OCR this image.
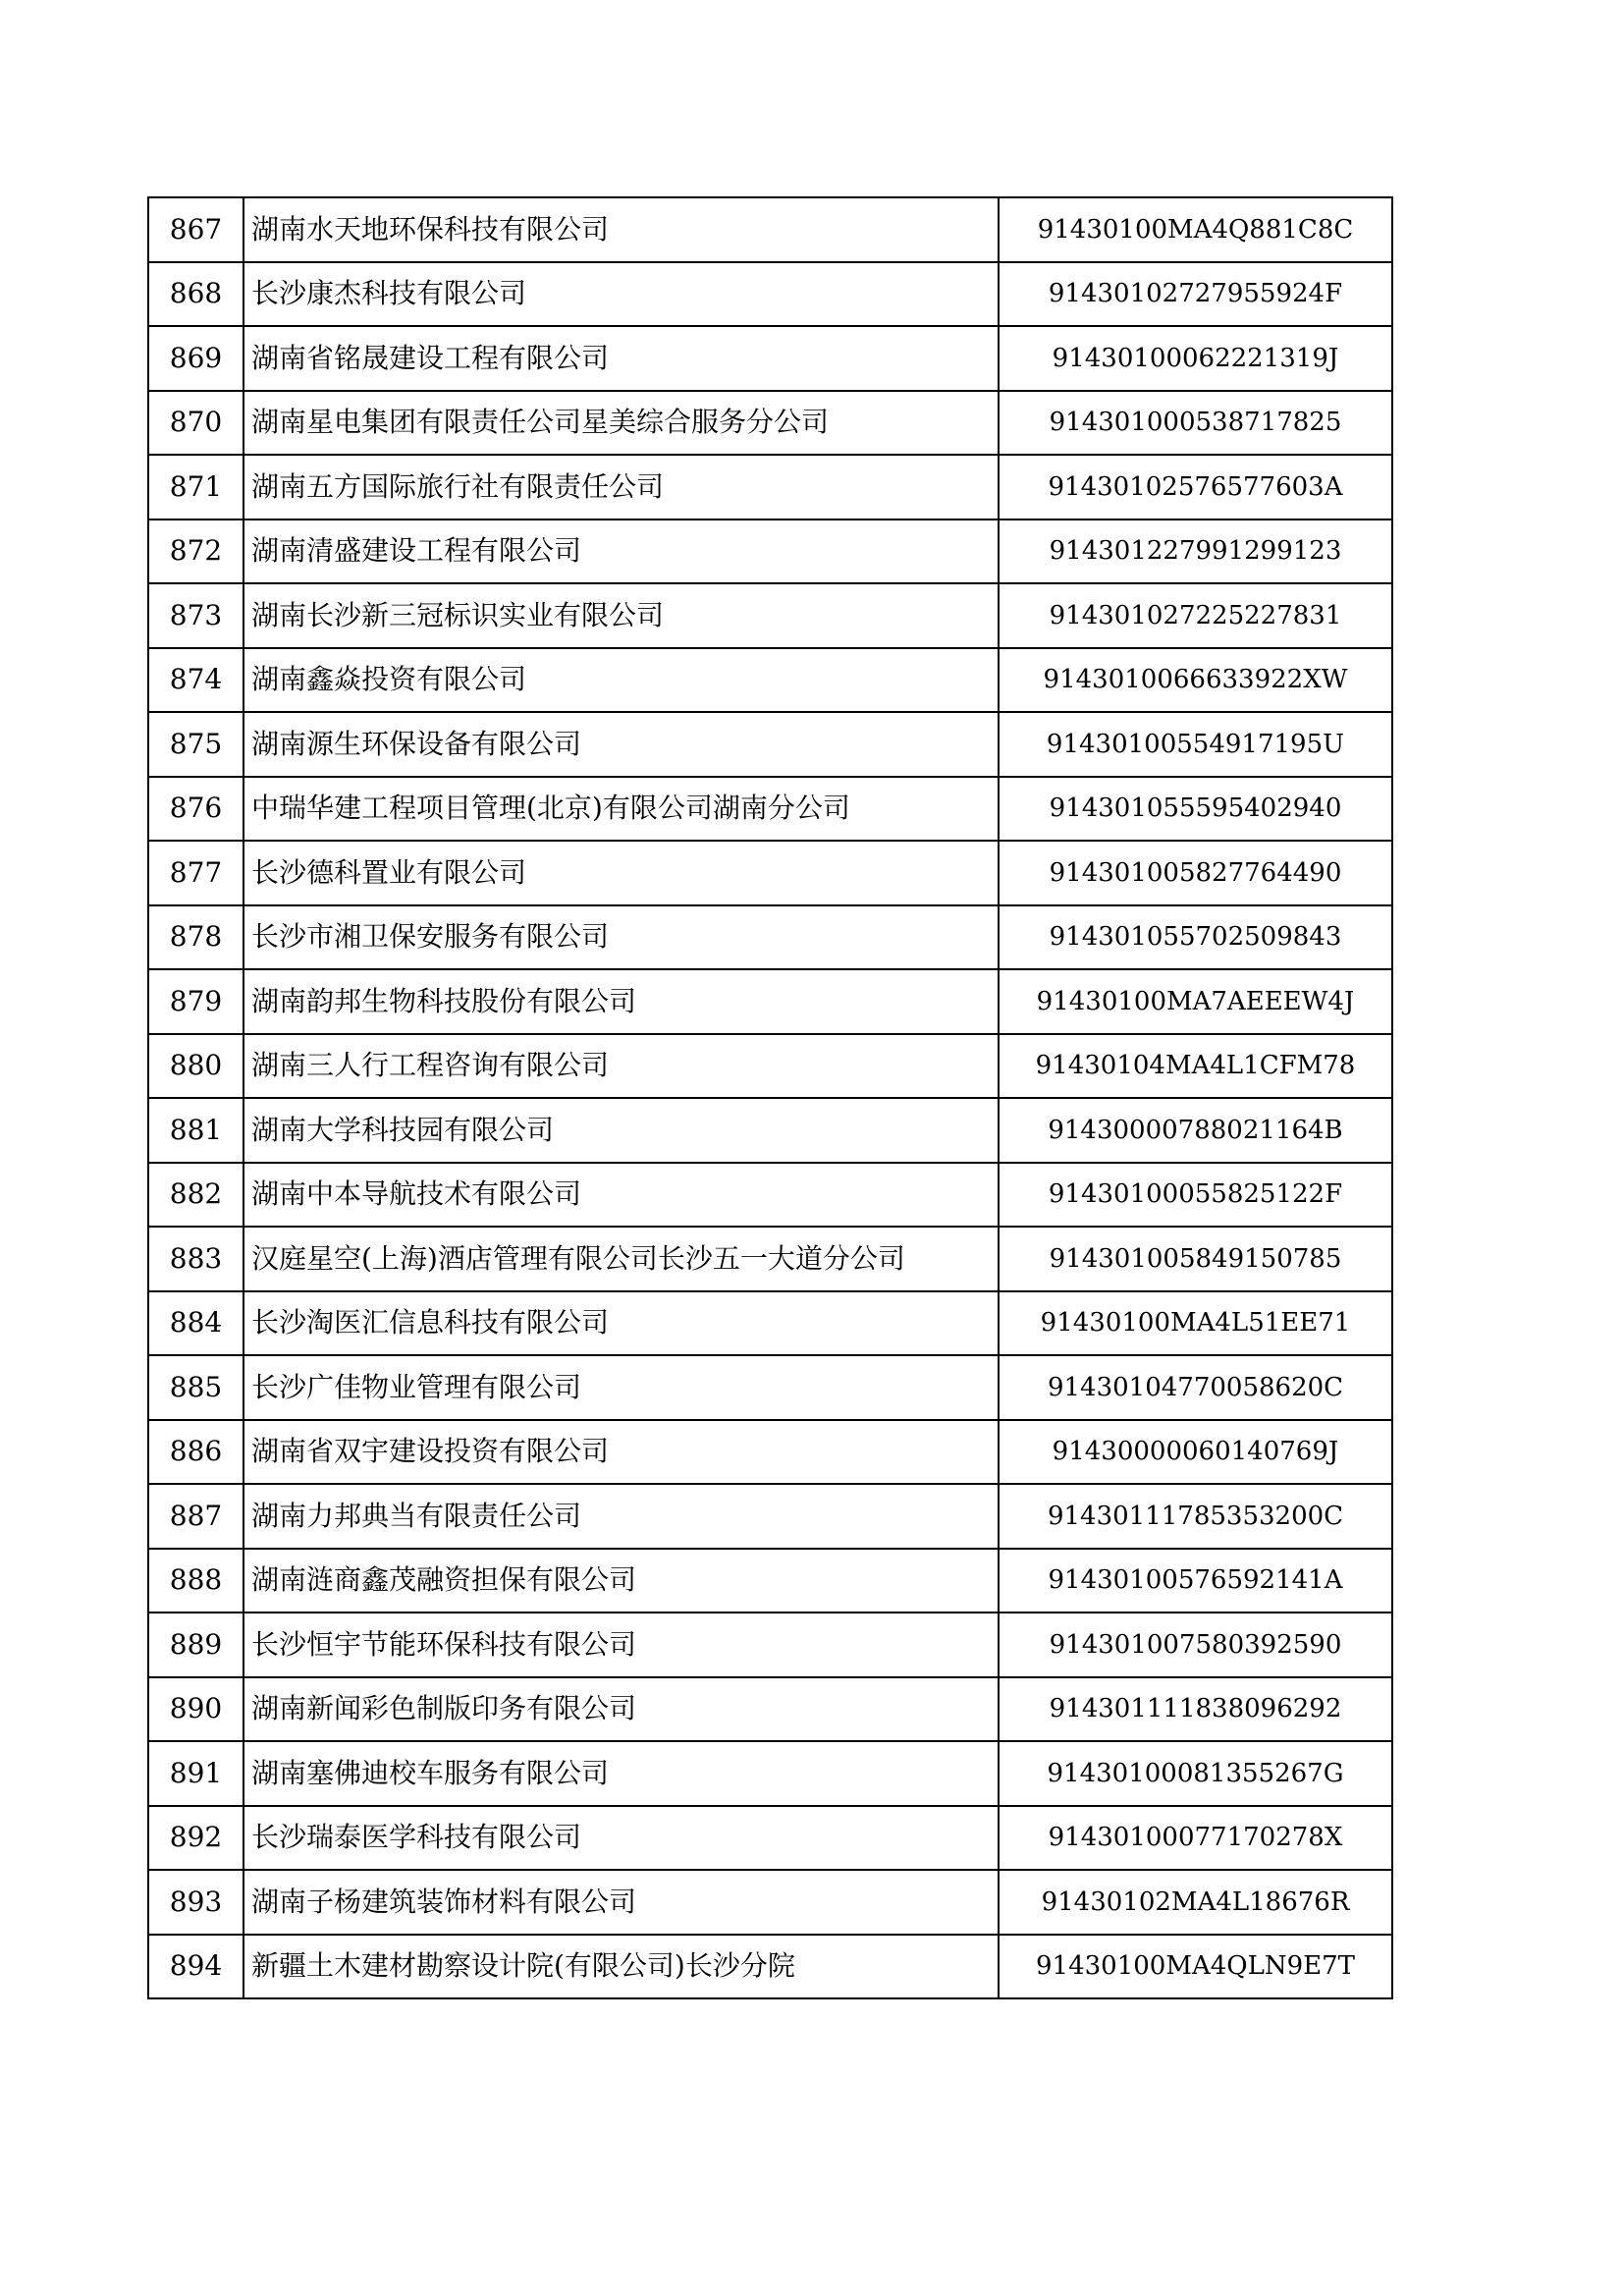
867	湖南水天地环保科技有限公司	91430100MA4Q881C8C
868	长沙康杰科技有限公司	91430102727955924F
869	湖南省铭晟建设工程有限公司	91430100062221319J
870	湖南星电集团有限责任公司星美综合服务分公司	914301000538717825
871	湖南五方国际旅行社有限责任公司	91430102576577603A
872	湖南清盛建设工程有限公司	914301227991299123
873	湖南长沙新三冠标识实业有限公司	914301027225227831
874	湖南鑫焱投资有限公司	9143010066633922XW
875	湖南源生环保设备有限公司	91430100554917195U
876	中瑞华建工程项目管理(北京)有限公司湖南分公司	914301055595402940
877	长沙德科置业有限公司	914301005827764490
878	长沙市湘卫保安服务有限公司	914301055702509843
879	湖南韵邦生物科技股份有限公司	91430100MA7AEEEW4J
880	湖南三人行工程咨询有限公司	91430104MA4L1CFM78
881	湖南大学科技园有限公司	91430000788021164B
882	湖南中本导航技术有限公司	91430100055825122F
883	汉庭星空(上海)酒店管理有限公司长沙五一大道分公司	914301005849150785
884	长沙淘医汇信息科技有限公司	91430100MA4L51EE71
885	长沙广佳物业管理有限公司	91430104770058620C
886	湖南省双宇建设投资有限公司	91430000060140769J
887	湖南力邦典当有限责任公司	91430111785353200C
888	湖南涟商鑫茂融资担保有限公司	91430100576592141A
889	长沙恒宇节能环保科技有限公司	914301007580392590
890	湖南新闻彩色制版印务有限公司	914301111838096292
891	湖南塞佛迪校车服务有限公司	91430100081355267G
892	长沙瑞泰医学科技有限公司	91430100077170278X
893	湖南子杨建筑装饰材料有限公司	91430102MA4L18676R
894	新疆土木建材勘察设计院(有限公司)长沙分院	91430100MA4QLN9E7T
